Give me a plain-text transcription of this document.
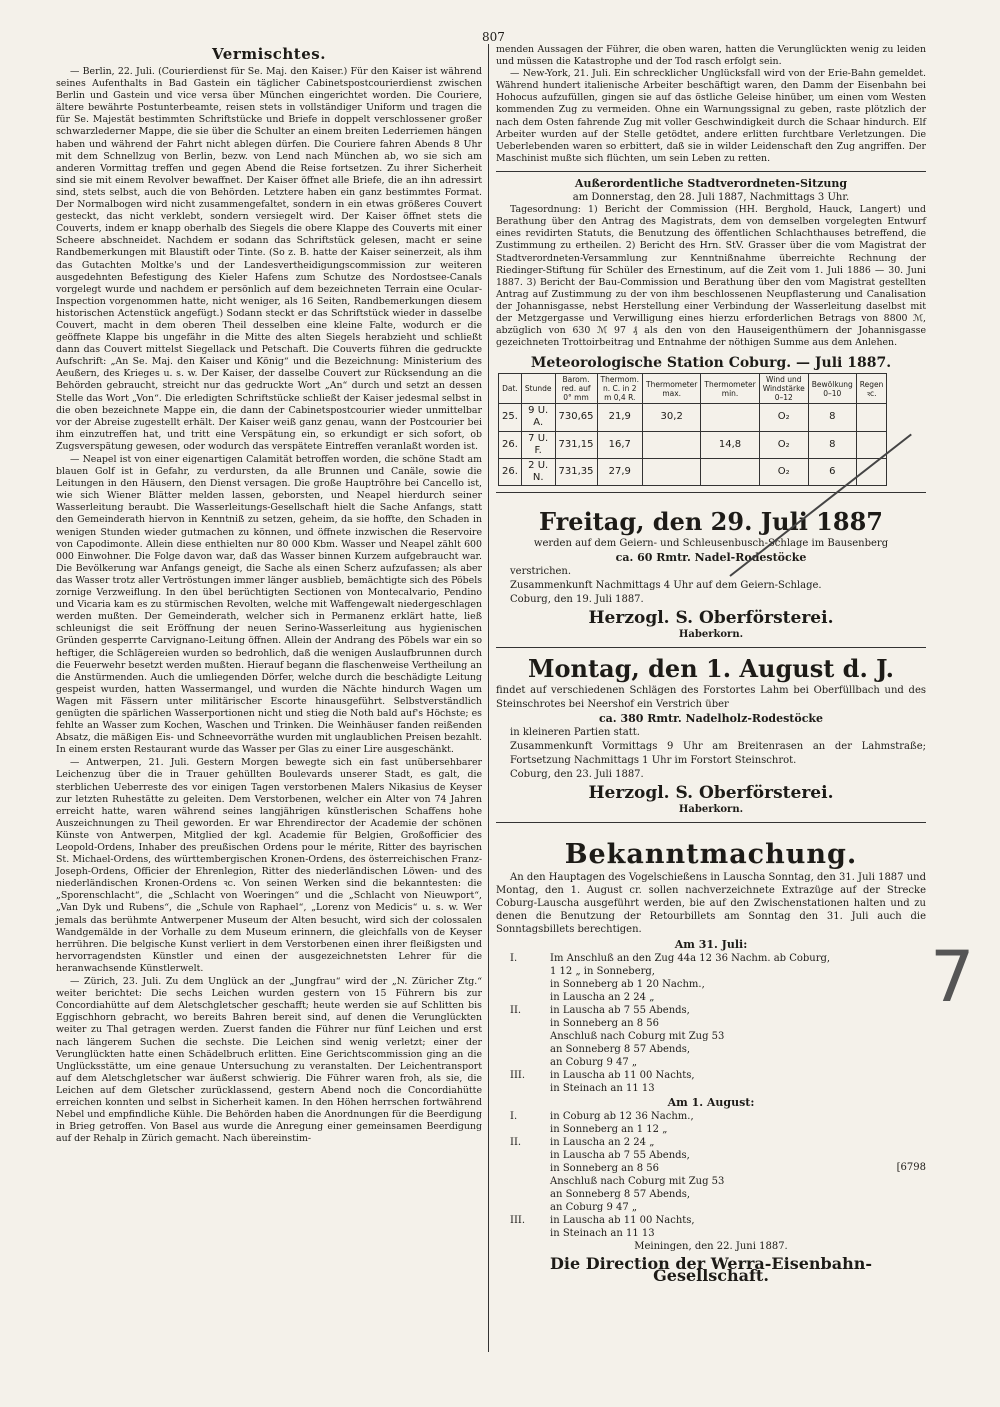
807
Vermischtes.

— Berlin, 22. Juli. (Courierdienst für Se. Maj. den Kaiser.) Für den Kaiser ist während seines Aufenthalts in Bad Gastein ein täglicher Cabinetspostcourierdienst zwischen Berlin und Gastein und vice versa über München eingerichtet worden. Die Couriere, ältere bewährte Postunterbeamte, reisen stets in vollständiger Uniform und tragen die für Se. Majestät bestimmten Schriftstücke und Briefe in doppelt verschlossener großer schwarzlederner Mappe, die sie über die Schulter an einem breiten Lederriemen hängen haben und während der Fahrt nicht ablegen dürfen. Die Couriere fahren Abends 8 Uhr mit dem Schnellzug von Berlin, bezw. von Lend nach München ab, wo sie sich am anderen Vormittag treffen und gegen Abend die Reise fortsetzen. Zu ihrer Sicherheit sind sie mit einem Revolver bewaffnet. Der Kaiser öffnet alle Briefe, die an ihn adressirt sind, stets selbst, auch die von Behörden. Letztere haben ein ganz bestimmtes Format. Der Normalbogen wird nicht zusammengefaltet, sondern in ein etwas größeres Couvert gesteckt, das nicht verklebt, sondern versiegelt wird. Der Kaiser öffnet stets die Couverts, indem er knapp oberhalb des Siegels die obere Klappe des Couverts mit einer Scheere abschneidet. Nachdem er sodann das Schriftstück gelesen, macht er seine Randbemerkungen mit Blaustift oder Tinte. (So z. B. hatte der Kaiser seinerzeit, als ihm das Gutachten Moltke's und der Landesvertheidigungscommission zur weiteren ausgedehnten Befestigung des Kieler Hafens zum Schutze des Nordostsee-Canals vorgelegt wurde und nachdem er persönlich auf dem bezeichneten Terrain eine Ocular-Inspection vorgenommen hatte, nicht weniger, als 16 Seiten, Randbemerkungen diesem historischen Actenstück angefügt.) Sodann steckt er das Schriftstück wieder in dasselbe Couvert, macht in dem oberen Theil desselben eine kleine Falte, wodurch er die geöffnete Klappe bis ungefähr in die Mitte des alten Siegels herabzieht und schließt dann das Couvert mittelst Siegellack und Petschaft. Die Couverts führen die gedruckte Aufschrift: „An Se. Maj. den Kaiser und König“ und die Bezeichnung: Ministerium des Aeußern, des Krieges u. s. w. Der Kaiser, der dasselbe Couvert zur Rücksendung an die Behörden gebraucht, streicht nur das gedruckte Wort „An“ durch und setzt an dessen Stelle das Wort „Von“. Die erledigten Schriftstücke schließt der Kaiser jedesmal selbst in die oben bezeichnete Mappe ein, die dann der Cabinetspostcourier wieder unmittelbar vor der Abreise zugestellt erhält. Der Kaiser weiß ganz genau, wann der Postcourier bei ihm einzutreffen hat, und tritt eine Verspätung ein, so erkundigt er sich sofort, ob Zugsverspätung gewesen, oder wodurch das verspätete Eintreffen veranlaßt worden ist.

— Neapel ist von einer eigenartigen Calamität betroffen worden, die schöne Stadt am blauen Golf ist in Gefahr, zu verdursten, da alle Brunnen und Canäle, sowie die Leitungen in den Häusern, den Dienst versagen. Die große Hauptröhre bei Cancello ist, wie sich Wiener Blätter melden lassen, geborsten, und Neapel hierdurch seiner Wasserleitung beraubt. Die Wasserleitungs-Gesellschaft hielt die Sache Anfangs, statt den Gemeinderath hiervon in Kenntniß zu setzen, geheim, da sie hoffte, den Schaden in wenigen Stunden wieder gutmachen zu können, und öffnete inzwischen die Reservoire von Capodimonte. Allein diese enthielten nur 80 000 Kbm. Wasser und Neapel zählt 600 000 Einwohner. Die Folge davon war, daß das Wasser binnen Kurzem aufgebraucht war. Die Bevölkerung war Anfangs geneigt, die Sache als einen Scherz aufzufassen; als aber das Wasser trotz aller Vertröstungen immer länger ausblieb, bemächtigte sich des Pöbels zornige Verzweiflung. In den übel berüchtigten Sectionen von Montecalvario, Pendino und Vicaria kam es zu stürmischen Revolten, welche mit Waffengewalt niedergeschlagen werden mußten. Der Gemeinderath, welcher sich in Permanenz erklärt hatte, ließ schleunigst die seit Eröffnung der neuen Serino-Wasserleitung aus hygienischen Gründen gesperrte Carvignano-Leitung öffnen. Allein der Andrang des Pöbels war ein so heftiger, die Schlägereien wurden so bedrohlich, daß die wenigen Auslaufbrunnen durch die Feuerwehr besetzt werden mußten. Hierauf begann die flaschenweise Vertheilung an die Anstürmenden. Auch die umliegenden Dörfer, welche durch die beschädigte Leitung gespeist wurden, hatten Wassermangel, und wurden die Nächte hindurch Wagen um Wagen mit Fässern unter militärischer Escorte hinausgeführt. Selbstverständlich genügten die spärlichen Wasserportionen nicht und stieg die Noth bald auf's Höchste; es fehlte an Wasser zum Kochen, Waschen und Trinken. Die Weinhäuser fanden reißenden Absatz, die mäßigen Eis- und Schneevorräthe wurden mit unglaublichen Preisen bezahlt. In einem ersten Restaurant wurde das Wasser per Glas zu einer Lire ausgeschänkt.

— Antwerpen, 21. Juli. Gestern Morgen bewegte sich ein fast unübersehbarer Leichenzug über die in Trauer gehüllten Boulevards unserer Stadt, es galt, die sterblichen Ueberreste des vor einigen Tagen verstorbenen Malers Nikasius de Keyser zur letzten Ruhestätte zu geleiten. Dem Verstorbenen, welcher ein Alter von 74 Jahren erreicht hatte, waren während seines langjährigen künstlerischen Schaffens hohe Auszeichnungen zu Theil geworden. Er war Ehrendirector der Academie der schönen Künste von Antwerpen, Mitglied der kgl. Academie für Belgien, Großofficier des Leopold-Ordens, Inhaber des preußischen Ordens pour le mérite, Ritter des bayrischen St. Michael-Ordens, des württembergischen Kronen-Ordens, des österreichischen Franz-Joseph-Ordens, Officier der Ehrenlegion, Ritter des niederländischen Löwen- und des niederländischen Kronen-Ordens ꝛc. Von seinen Werken sind die bekanntesten: die „Sporenschlacht“, die „Schlacht von Woeringen“ und die „Schlacht von Nieuwport“, „Van Dyk und Rubens“, die „Schule von Raphael“, „Lorenz von Medicis“ u. s. w. Wer jemals das berühmte Antwerpener Museum der Alten besucht, wird sich der colossalen Wandgemälde in der Vorhalle zu dem Museum erinnern, die gleichfalls von de Keyser herrühren. Die belgische Kunst verliert in dem Verstorbenen einen ihrer fleißigsten und hervorragendsten Künstler und einen der ausgezeichnetsten Lehrer für die heranwachsende Künstlerwelt.

— Zürich, 23. Juli. Zu dem Unglück an der „Jungfrau“ wird der „N. Züricher Ztg.“ weiter berichtet: Die sechs Leichen wurden gestern von 15 Führern bis zur Concordiahütte auf dem Aletschgletscher geschafft; heute werden sie auf Schlitten bis Eggischhorn gebracht, wo bereits Bahren bereit sind, auf denen die Verunglückten weiter zu Thal getragen werden. Zuerst fanden die Führer nur fünf Leichen und erst nach längerem Suchen die sechste. Die Leichen sind wenig verletzt; einer der Verunglückten hatte einen Schädelbruch erlitten. Eine Gerichtscommission ging an die Unglücksstätte, um eine genaue Untersuchung zu veranstalten. Der Leichentransport auf dem Aletschgletscher war äußerst schwierig. Die Führer waren froh, als sie, die Leichen auf dem Gletscher zurücklassend, gestern Abend noch die Concordiahütte erreichen konnten und selbst in Sicherheit kamen. In den Höhen herrschen fortwährend Nebel und empfindliche Kühle. Die Behörden haben die Anordnungen für die Beerdigung in Brieg getroffen. Von Basel aus wurde die Anregung einer gemeinsamen Beerdigung auf der Rehalp in Zürich gemacht. Nach übereinstim-

menden Aussagen der Führer, die oben waren, hatten die Verunglückten wenig zu leiden und müssen die Katastrophe und der Tod rasch erfolgt sein.

— New-York, 21. Juli. Ein schrecklicher Unglücksfall wird von der Erie-Bahn gemeldet. Während hundert italienische Arbeiter beschäftigt waren, den Damm der Eisenbahn bei Hohocus aufzufüllen, gingen sie auf das östliche Geleise hinüber, um einen vom Westen kommenden Zug zu vermeiden. Ohne ein Warnungssignal zu geben, raste plötzlich der nach dem Osten fahrende Zug mit voller Geschwindigkeit durch die Schaar hindurch. Elf Arbeiter wurden auf der Stelle getödtet, andere erlitten furchtbare Verletzungen. Die Ueberlebenden waren so erbittert, daß sie in wilder Leidenschaft den Zug angriffen. Der Maschinist mußte sich flüchten, um sein Leben zu retten.

Außerordentliche Stadtverordneten-Sitzung
am Donnerstag, den 28. Juli 1887, Nachmittags 3 Uhr.

Tagesordnung: 1) Bericht der Commission (HH. Berghold, Hauck, Langert) und Berathung über den Antrag des Magistrats, dem von demselben vorgelegten Entwurf eines revidirten Statuts, die Benutzung des öffentlichen Schlachthauses betreffend, die Zustimmung zu ertheilen. 2) Bericht des Hrn. StV. Grasser über die vom Magistrat der Stadtverordneten-Versammlung zur Kenntnißnahme überreichte Rechnung der Riedinger-Stiftung für Schüler des Ernestinum, auf die Zeit vom 1. Juli 1886 — 30. Juni 1887. 3) Bericht der Bau-Commission und Berathung über den vom Magistrat gestellten Antrag auf Zustimmung zu der von ihm beschlossenen Neupflasterung und Canalisation der Johannisgasse, nebst Herstellung einer Verbindung der Wasserleitung daselbst mit der Metzgergasse und Verwilligung eines hierzu erforderlichen Betrags von 8800 ℳ, abzüglich von 630 ℳ 97 ₰ als den von den Hauseigenthümern der Johannisgasse gezeichneten Trottoirbeitrag und Entnahme der nöthigen Summe aus dem Anlehen.

Meteorologische Station Coburg. — Juli 1887.
Dat.	Stunde	Barom. red. auf 0° mm	Thermom. n. C. in 2 m 0,4 R.	Thermometer max.	Thermometer min.	Wind und Windstärke 0–12	Bewölkung 0–10	Regen ꝛc.
25.	9 U. A.	730,65	21,9	30,2		O₂	8	
26.	7 U. F.	731,15	16,7		14,8	O₂	8	
26.	2 U. N.	731,35	27,9			O₂	6	
Freitag, den 29. Juli 1887
werden auf dem Geiern- und Schleusenbusch-Schlage im Bausenberg
ca. 60 Rmtr. Nadel-Rodestöcke
verstrichen.
Zusammenkunft Nachmittags 4 Uhr auf dem Geiern-Schlage.
Coburg, den 19. Juli 1887.
Herzogl. S. Oberförsterei.
Haberkorn.
Montag, den 1. August d. J.
findet auf verschiedenen Schlägen des Forstortes Lahm bei Oberfüllbach und des Steinschrotes bei Neershof ein Verstrich über
ca. 380 Rmtr. Nadelholz-Rodestöcke
in kleineren Partien statt.
Zusammenkunft Vormittags 9 Uhr am Breitenrasen an der Lahmstraße; Fortsetzung Nachmittags 1 Uhr im Forstort Steinschrot.
Coburg, den 23. Juli 1887.
Herzogl. S. Oberförsterei.
Haberkorn.
Bekanntmachung.

An den Hauptagen des Vogelschießens in Lauscha Sonntag, den 31. Juli 1887 und Montag, den 1. August cr. sollen nachverzeichnete Extrazüge auf der Strecke Coburg-Lauscha ausgeführt werden, bie auf den Zwischenstationen halten und zu denen die Benutzung der Retourbillets am Sonntag den 31. Juli auch die Sonntagsbillets berechtigen.

Am 31. Juli:
I.	Im Anschluß an den Zug 44a 12 36 Nachm. ab Coburg,
1 12 „ in Sonneberg,
in Sonneberg ab 1 20 Nachm.,
in Lauscha an 2 24 „
II.	in Lauscha ab 7 55 Abends,
in Sonneberg an 8 56
Anschluß nach Coburg mit Zug 53
an Sonneberg 8 57 Abends,
an Coburg 9 47 „
III.	in Lauscha ab 11 00 Nachts,
in Steinach an 11 13
Am 1. August:
[6798
I.	in Coburg ab 12 36 Nachm.,
in Sonneberg an 1 12 „
II.	in Lauscha an 2 24 „
in Lauscha ab 7 55 Abends,
in Sonneberg an 8 56
Anschluß nach Coburg mit Zug 53
an Sonneberg 8 57 Abends,
an Coburg 9 47 „
III.	in Lauscha ab 11 00 Nachts,
in Steinach an 11 13
Meiningen, den 22. Juni 1887.
Die Direction der Werra-Eisenbahn-Gesellschaft.
7
